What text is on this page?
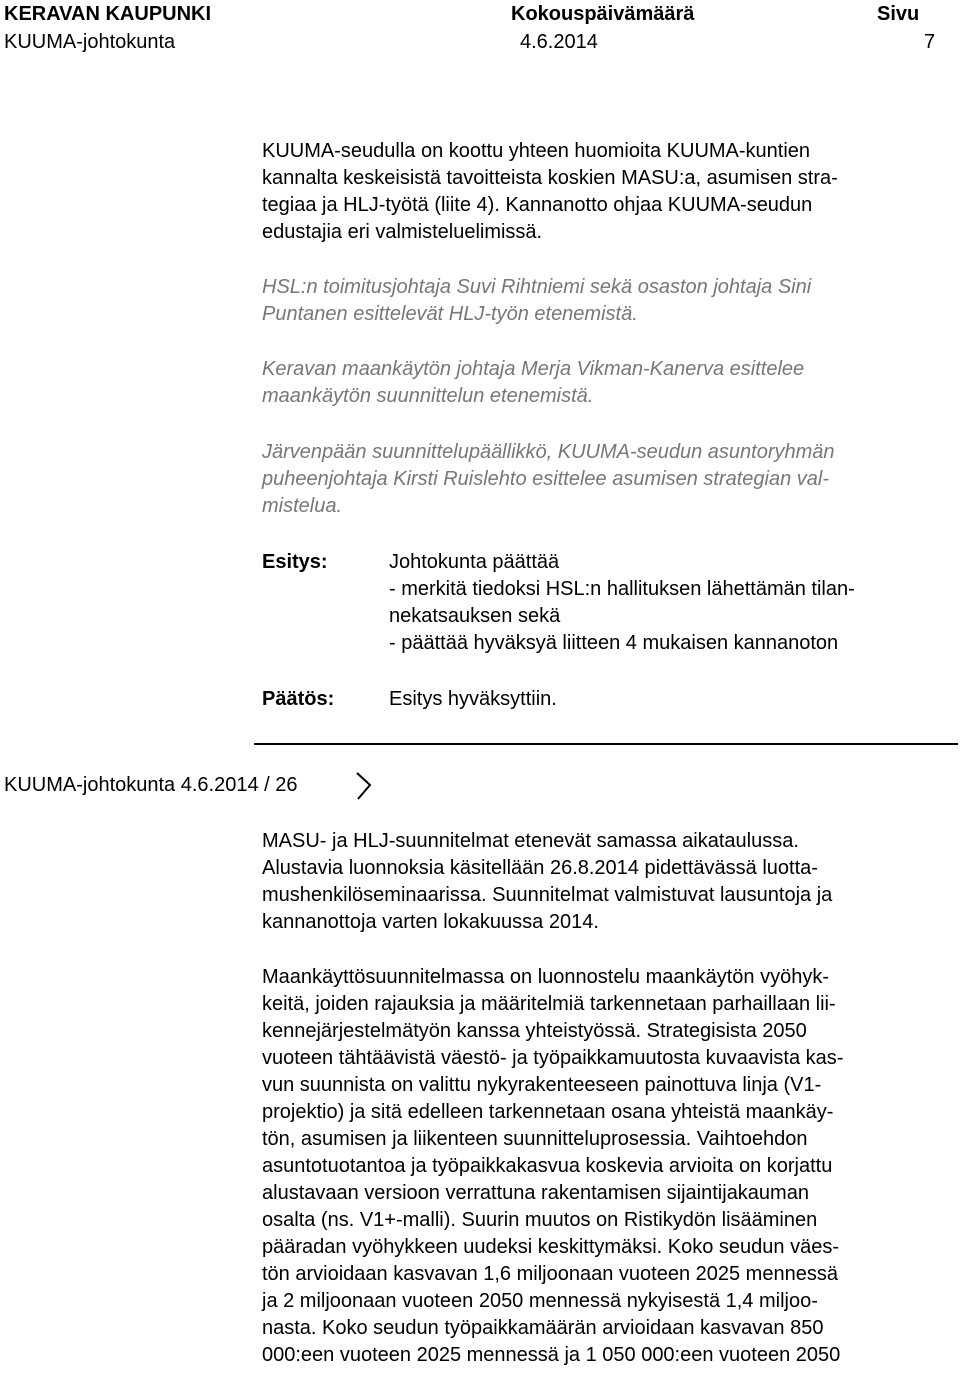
KERAVAN KAUPUNKI	Kokouspäivämäärä	Sivu
KUUMA-johtokunta	4.6.2014	7
KUUMA-seudulla on koottu yhteen huomioita KUUMA-kuntien
kannalta keskeisistä tavoitteista koskien MASU:a, asumisen stra-
tegiaa ja HLJ-työtä (liite 4). Kannanotto ohjaa KUUMA-seudun
edustajia eri valmisteluelimissä.
HSL:n toimitusjohtaja Suvi Rihtniemi sekä osaston johtaja Sini
Puntanen esittelevät HLJ-työn etenemistä.
Keravan maankäytön johtaja Merja Vikman-Kanerva esittelee
maankäytön suunnittelun etenemistä.
Järvenpään suunnittelupäällikkö, KUUMA-seudun asuntoryhmän
puheenjohtaja Kirsti Ruislehto esittelee asumisen strategian val-
mistelua.
Esitys:	Johtokunta päättää
- merkitä tiedoksi HSL:n hallituksen lähettämän tilan-
nekatsauksen sekä
- päättää hyväksyä liitteen 4 mukaisen kannanoton
Päätös:	Esitys hyväksyttiin.
KUUMA-johtokunta 4.6.2014 / 26
MASU- ja HLJ-suunnitelmat etenevät samassa aikataulussa.
Alustavia luonnoksia käsitellään 26.8.2014 pidettävässä luotta-
mushenkilöseminaarissa. Suunnitelmat valmistuvat lausuntoja ja
kannanottoja varten lokakuussa 2014.
Maankäyttösuunnitelmassa on luonnostelu maankäytön vyöhyk-
keitä, joiden rajauksia ja määritelmiä tarkennetaan parhaillaan lii-
kennejärjestelmätyön kanssa yhteistyössä. Strategisista 2050
vuoteen tähtäävistä väestö- ja työpaikkamuutosta kuvaavista kas-
vun suunnista on valittu nykyrakenteeseen painottuva linja (V1-
projektio) ja sitä edelleen tarkennetaan osana yhteistä maankäy-
tön, asumisen ja liikenteen suunnitteluprosessia. Vaihtoehdon
asuntotuotantoa ja työpaikkakasvua koskevia arvioita on korjattu
alustavaan versioon verrattuna rakentamisen sijaintijakauman
osalta (ns. V1+-malli). Suurin muutos on Ristikydön lisääminen
pääradan vyöhykkeen uudeksi keskittymäksi. Koko seudun väes-
tön arvioidaan kasvavan 1,6 miljoonaan vuoteen 2025 mennessä
ja 2 miljoonaan vuoteen 2050 mennessä nykyisestä 1,4 miljoo-
nasta. Koko seudun työpaikkamäärän arvioidaan kasvavan 850
000:een vuoteen 2025 mennessä ja 1 050 000:een vuoteen 2050
